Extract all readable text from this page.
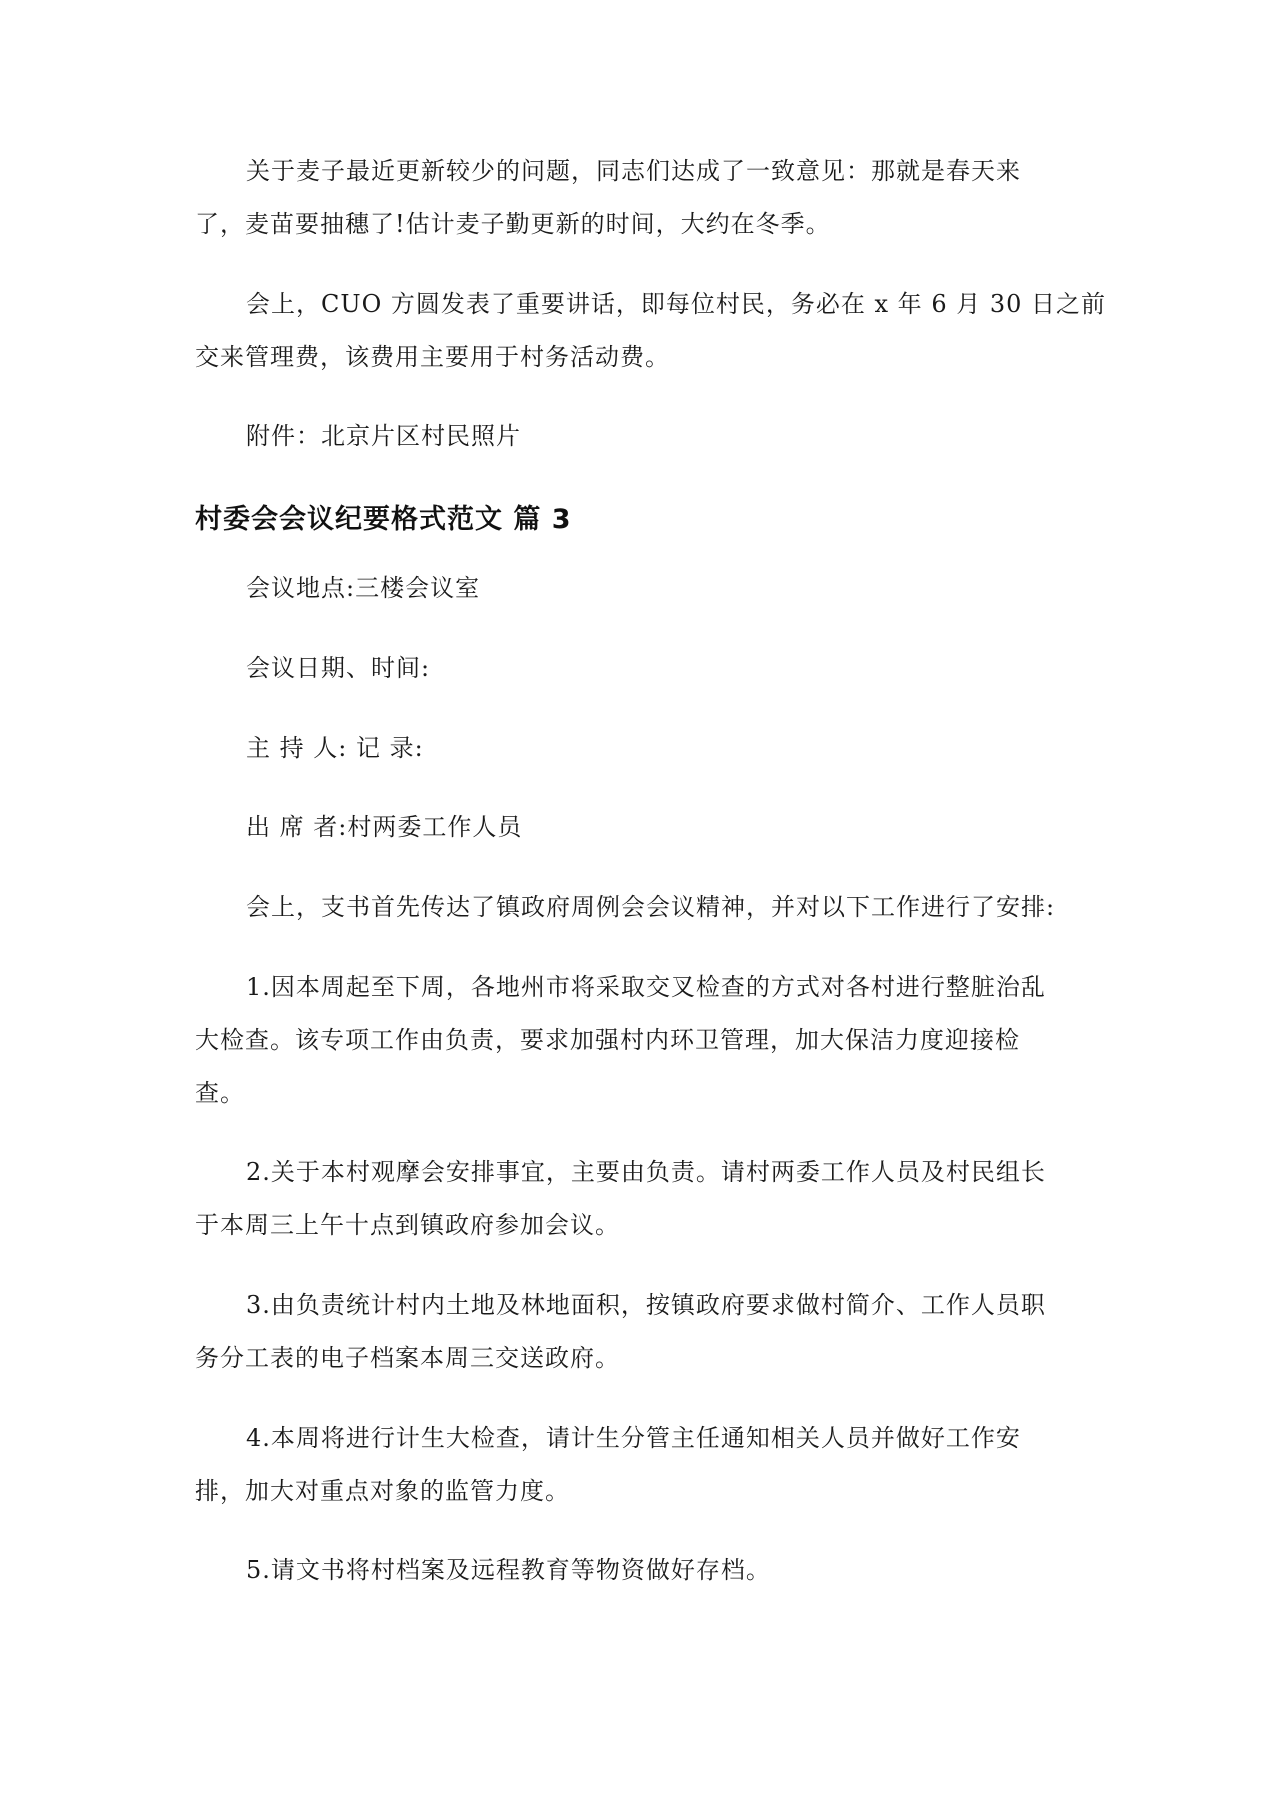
关于麦子最近更新较少的问题，同志们达成了一致意见：那就是春天来
了，麦苗要抽穗了!估计麦子勤更新的时间，大约在冬季。
会上，CUO 方圆发表了重要讲话，即每位村民，务必在 x 年 6 月 30 日之前
交来管理费，该费用主要用于村务活动费。
附件：北京片区村民照片
村委会会议纪要格式范文 篇 3
会议地点:三楼会议室
会议日期、时间:
主 持 人: 记 录:
出 席 者:村两委工作人员
会上，支书首先传达了镇政府周例会会议精神，并对以下工作进行了安排:
1.因本周起至下周，各地州市将采取交叉检查的方式对各村进行整脏治乱
大检查。该专项工作由负责，要求加强村内环卫管理，加大保洁力度迎接检
查。
2.关于本村观摩会安排事宜，主要由负责。请村两委工作人员及村民组长
于本周三上午十点到镇政府参加会议。
3.由负责统计村内土地及林地面积，按镇政府要求做村简介、工作人员职
务分工表的电子档案本周三交送政府。
4.本周将进行计生大检查，请计生分管主任通知相关人员并做好工作安
排，加大对重点对象的监管力度。
5.请文书将村档案及远程教育等物资做好存档。
